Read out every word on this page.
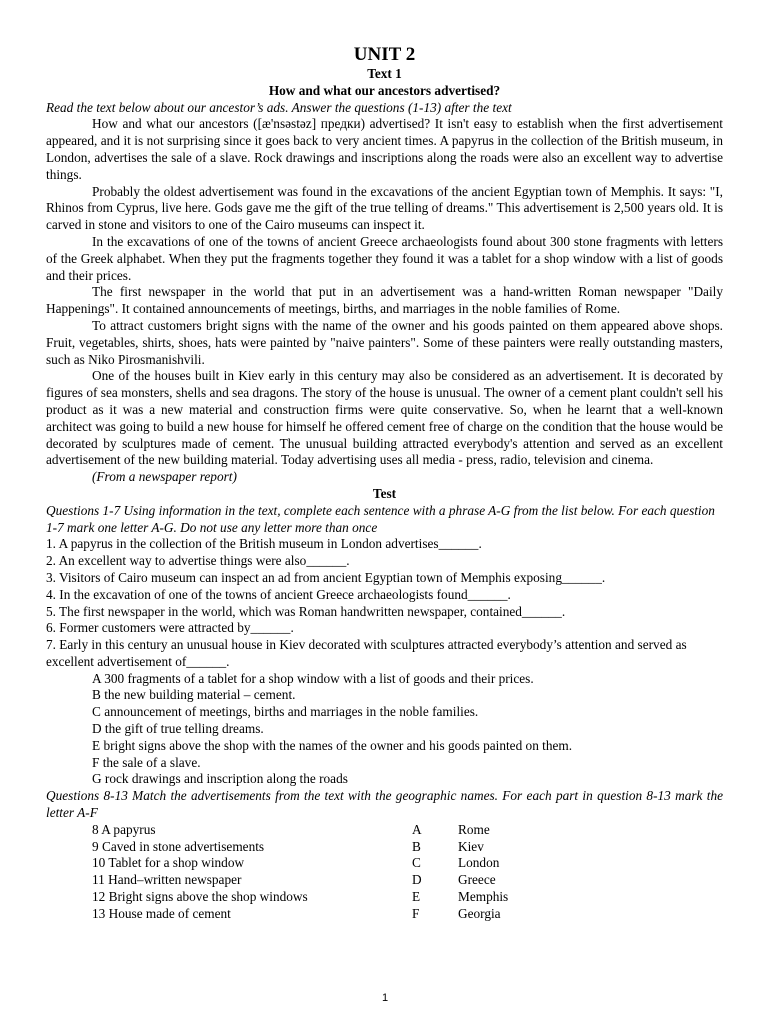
UNIT 2
Text 1
How and what our ancestors advertised?
Read the text below about our ancestor’s ads. Answer the questions (1-13) after the text

How and what our ancestors ([æ'nsəstəz] предки) advertised? It isn't easy to establish when the first advertisement appeared, and it is not surprising since it goes back to very ancient times. A papyrus in the collection of the British museum, in London, advertises the sale of a slave. Rock drawings and inscriptions along the roads were also an excellent way to advertise things.

Probably the oldest advertisement was found in the excavations of the ancient Egyptian town of Memphis. It says: "I, Rhinos from Cyprus, live here. Gods gave me the gift of the true telling of dreams." This advertisement is 2,500 years old. It is carved in stone and visitors to one of the Cairo museums can inspect it.

In the excavations of one of the towns of ancient Greece archaeologists found about 300 stone fragments with letters of the Greek alphabet. When they put the fragments together they found it was a tablet for a shop window with a list of goods and their prices.

The first newspaper in the world that put in an advertisement was a hand-written Roman newspaper "Daily Happenings". It contained announcements of meetings, births, and marriages in the noble families of Rome.

To attract customers bright signs with the name of the owner and his goods painted on them appeared above shops. Fruit, vegetables, shirts, shoes, hats were painted by "naive painters". Some of these painters were really outstanding masters, such as Niko Pirosmanishvili.

One of the houses built in Kiev early in this century may also be considered as an advertisement. It is decorated by figures of sea monsters, shells and sea dragons. The story of the house is unusual. The owner of a cement plant couldn't sell his product as it was a new material and construction firms were quite conservative. So, when he learnt that a well-known architect was going to build a new house for himself he offered cement free of charge on the condition that the house would be decorated by sculptures made of cement. The unusual building attracted everybody's attention and served as an excellent advertisement of the new building material. Today advertising uses all media - press, radio, television and cinema.

(From a newspaper report)
Test
Questions 1-7 Using information in the text, complete each sentence with a phrase A-G from the list below. For each question 1-7 mark one letter A-G. Do not use any letter more than once
1. A papyrus in the collection of the British museum in London advertises______.
2. An excellent way to advertise things were also______.
3. Visitors of Cairo museum can inspect an ad from ancient Egyptian town of Memphis exposing______.
4. In the excavation of one of the towns of ancient Greece archaeologists found______.
5. The first newspaper in the world, which was Roman handwritten newspaper, contained______.
6. Former customers were attracted by______.
7. Early in this century an unusual house in Kiev decorated with sculptures attracted everybody’s attention and served as excellent advertisement of______.
A 300 fragments of a tablet for a shop window with a list of goods and their prices.
B the new building material – cement.
C announcement of meetings, births and marriages in the noble families.
D the gift of true telling dreams.
E bright signs above the shop with the names of the owner and his goods painted on them.
F the sale of a slave.
G rock drawings and inscription along the roads
Questions 8-13 Match the advertisements from the text with the geographic names. For each part in question 8-13 mark the letter A-F
8 A papyrus	A	Rome
9 Caved in stone advertisements	B	Kiev
10 Tablet for a shop window	C	London
11 Hand–written newspaper	D	Greece
12 Bright signs above the shop windows	E	Memphis
13 House made of cement	F	Georgia
1
